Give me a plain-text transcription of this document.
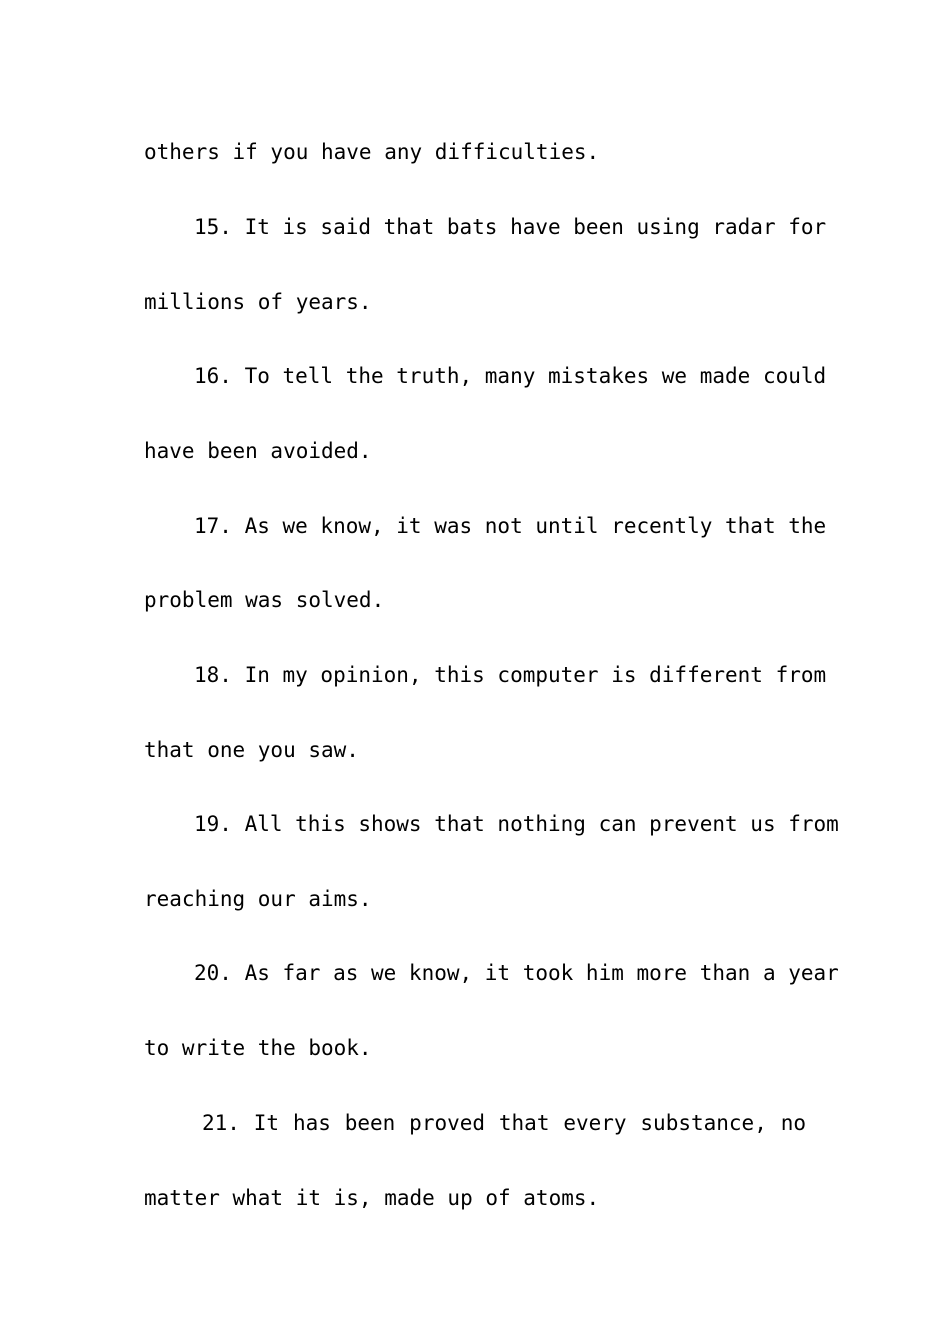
others if you have any difficulties.
15. It is said that bats have been using radar for
millions of years.
16. To tell the truth, many mistakes we made could
have been avoided.
17. As we know, it was not until recently that the
problem was solved.
18. In my opinion, this computer is different from
that one you saw.
19. All this shows that nothing can prevent us from
reaching our aims.
20. As far as we know, it took him more than a year
to write the book.
21. It has been proved that every substance, no
matter what it is, made up of atoms.
